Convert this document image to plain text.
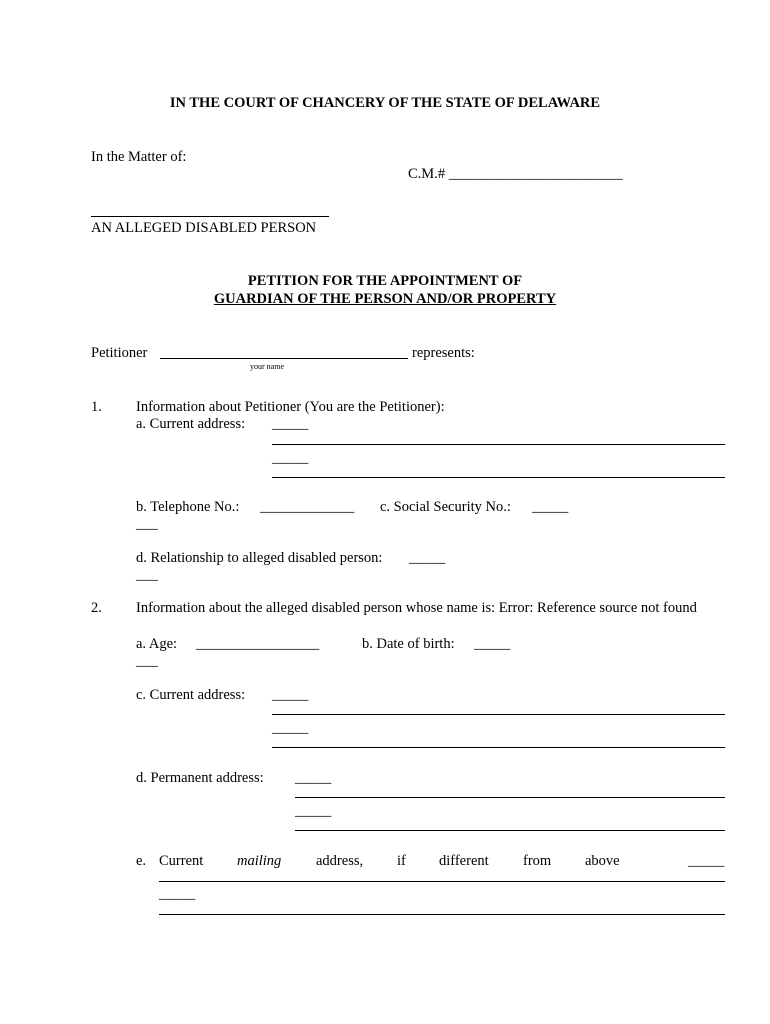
IN THE COURT OF CHANCERY OF THE STATE OF DELAWARE
In the Matter of:
C.M.# ________________________
AN ALLEGED DISABLED PERSON
PETITION FOR THE APPOINTMENT OF
GUARDIAN OF THE PERSON AND/OR PROPERTY
Petitioner	represents:
your name
1. Information about Petitioner (You are the Petitioner):
a. Current address: _____
_____
b. Telephone No.: _____________ c. Social Security No.: _____
___
d. Relationship to alleged disabled person: _____
___
2. Information about the alleged disabled person whose name is: Error: Reference source not found
a. Age: _________________	b. Date of birth: _____
___
c. Current address: _____
_____
d. Permanent address: _____
_____
e. Current mailing address, if different from above	_____
_____
